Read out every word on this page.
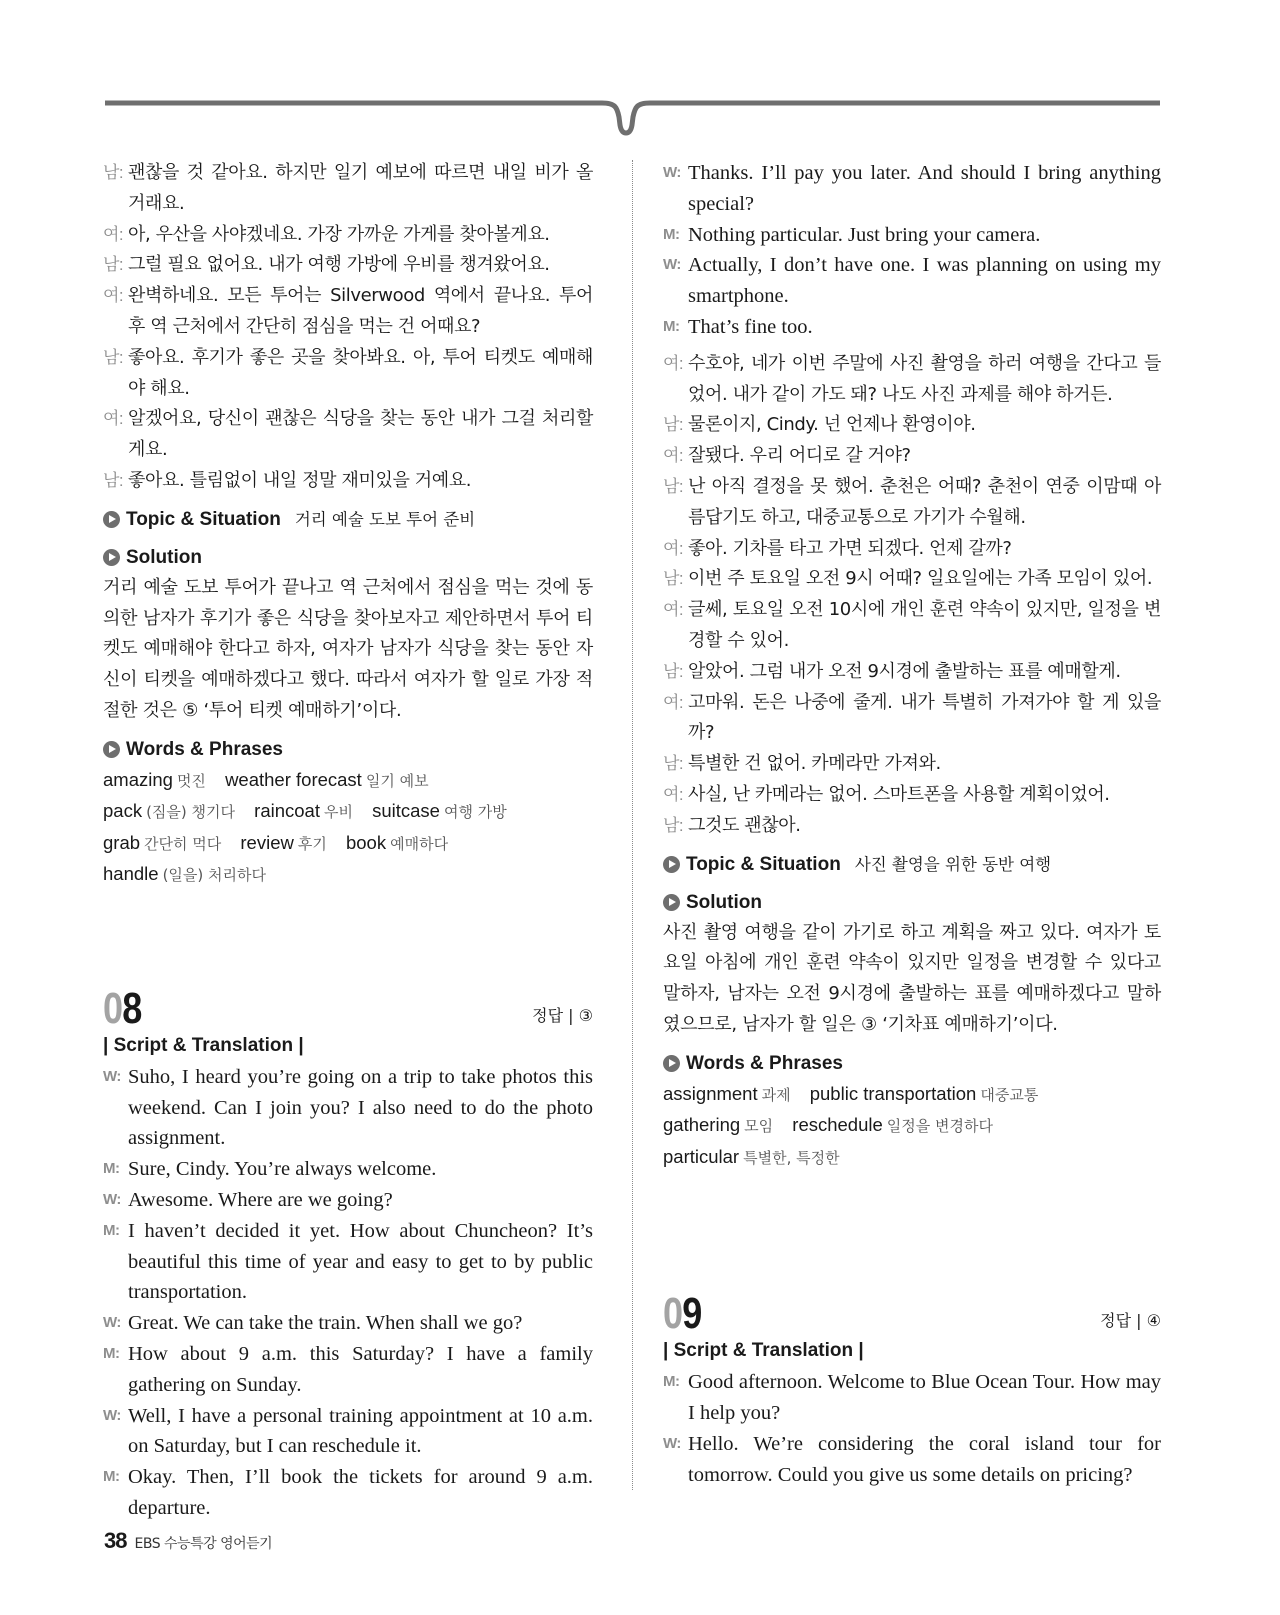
남: 괜찮을 것 같아요. 하지만 일기 예보에 따르면 내일 비가 올 거래요.
여: 아, 우산을 사야겠네요. 가장 가까운 가게를 찾아볼게요.
남: 그럴 필요 없어요. 내가 여행 가방에 우비를 챙겨왔어요.
여: 완벽하네요. 모든 투어는 Silverwood 역에서 끝나요. 투어 후 역 근처에서 간단히 점심을 먹는 건 어때요?
남: 좋아요. 후기가 좋은 곳을 찾아봐요. 아, 투어 티켓도 예매해야 해요.
여: 알겠어요, 당신이 괜찮은 식당을 찾는 동안 내가 그걸 처리할게요.
남: 좋아요. 틀림없이 내일 정말 재미있을 거예요.
Topic & Situation 거리 예술 도보 투어 준비
Solution
거리 예술 도보 투어가 끝나고 역 근처에서 점심을 먹는 것에 동의한 남자가 후기가 좋은 식당을 찾아보자고 제안하면서 투어 티켓도 예매해야 한다고 하자, 여자가 남자가 식당을 찾는 동안 자신이 티켓을 예매하겠다고 했다. 따라서 여자가 할 일로 가장 적절한 것은 ⑤ ‘투어 티켓 예매하기’이다.
Words & Phrases
amazing 멋진 weather forecast 일기 예보 pack (짐을) 챙기다 raincoat 우비 suitcase 여행 가방 grab 간단히 먹다 review 후기 book 예매하다 handle (일을) 처리하다
08	정답 | ③
| Script & Translation |
W: Suho, I heard you’re going on a trip to take photos this weekend. Can I join you? I also need to do the photo assignment.
M: Sure, Cindy. You’re always welcome.
W: Awesome. Where are we going?
M: I haven’t decided it yet. How about Chuncheon? It’s beautiful this time of year and easy to get to by public transportation.
W: Great. We can take the train. When shall we go?
M: How about 9 a.m. this Saturday? I have a family gathering on Sunday.
W: Well, I have a personal training appointment at 10 a.m. on Saturday, but I can reschedule it.
M: Okay. Then, I’ll book the tickets for around 9 a.m. departure.
W: Thanks. I’ll pay you later. And should I bring anything special?
M: Nothing particular. Just bring your camera.
W: Actually, I don’t have one. I was planning on using my smartphone.
M: That’s fine too.
여: 수호야, 네가 이번 주말에 사진 촬영을 하러 여행을 간다고 들었어. 내가 같이 가도 돼? 나도 사진 과제를 해야 하거든.
남: 물론이지, Cindy. 넌 언제나 환영이야.
여: 잘됐다. 우리 어디로 갈 거야?
남: 난 아직 결정을 못 했어. 춘천은 어때? 춘천이 연중 이맘때 아름답기도 하고, 대중교통으로 가기가 수월해.
여: 좋아. 기차를 타고 가면 되겠다. 언제 갈까?
남: 이번 주 토요일 오전 9시 어때? 일요일에는 가족 모임이 있어.
여: 글쎄, 토요일 오전 10시에 개인 훈련 약속이 있지만, 일정을 변경할 수 있어.
남: 알았어. 그럼 내가 오전 9시경에 출발하는 표를 예매할게.
여: 고마워. 돈은 나중에 줄게. 내가 특별히 가져가야 할 게 있을까?
남: 특별한 건 없어. 카메라만 가져와.
여: 사실, 난 카메라는 없어. 스마트폰을 사용할 계획이었어.
남: 그것도 괜찮아.
Topic & Situation 사진 촬영을 위한 동반 여행
Solution
사진 촬영 여행을 같이 가기로 하고 계획을 짜고 있다. 여자가 토요일 아침에 개인 훈련 약속이 있지만 일정을 변경할 수 있다고 말하자, 남자는 오전 9시경에 출발하는 표를 예매하겠다고 말하였으므로, 남자가 할 일은 ③ ‘기차표 예매하기’이다.
Words & Phrases
assignment 과제 public transportation 대중교통 gathering 모임 reschedule 일정을 변경하다 particular 특별한, 특정한
09	정답 | ④
| Script & Translation |
M: Good afternoon. Welcome to Blue Ocean Tour. How may I help you?
W: Hello. We’re considering the coral island tour for tomorrow. Could you give us some details on pricing?
38 EBS 수능특강 영어듣기
